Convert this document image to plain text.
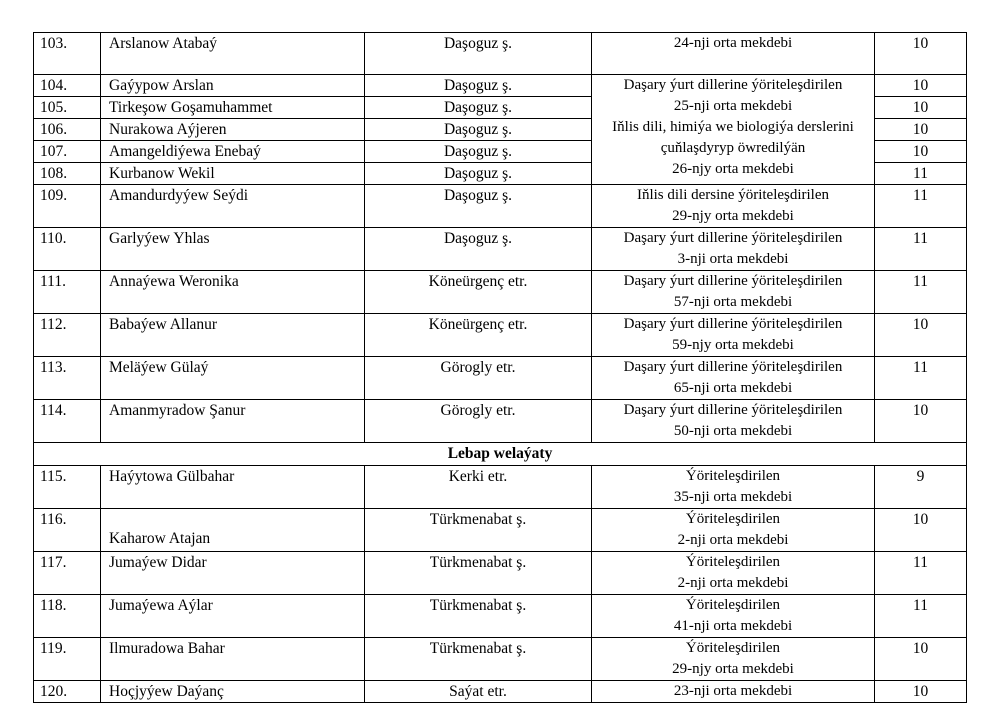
103.	Arslanow Atabaý	Daşoguz ş.	24-nji orta mekdebi	10
104.	Gaýypow Arslan	Daşoguz ş.	Daşary ýurt dillerine ýöriteleşdirilen
25-nji orta mekdebi
Iňlis dili, himiýa we biologiýa derslerini
çuňlaşdyryp öwredilýän
26-njy orta mekdebi	10
105.	Tirkeşow Goşamuhammet	Daşoguz ş.		10
106.	Nurakowa Aýjeren	Daşoguz ş.		10
107.	Amangeldiýewa Enebaý	Daşoguz ş.		10
108.	Kurbanow Wekil	Daşoguz ş.		11
109.	Amandurdyýew Seýdi	Daşoguz ş.	Iňlis dili dersine ýöriteleşdirilen
29-njy orta mekdebi	11
110.	Garlyýew Yhlas	Daşoguz ş.	Daşary ýurt dillerine ýöriteleşdirilen
3-nji orta mekdebi	11
111.	Annaýewa Weronika	Köneürgenç etr.	Daşary ýurt dillerine ýöriteleşdirilen
57-nji orta mekdebi	11
112.	Babaýew Allanur	Köneürgenç etr.	Daşary ýurt dillerine ýöriteleşdirilen
59-njy orta mekdebi	10
113.	Meläýew Gülaý	Görogly etr.	Daşary ýurt dillerine ýöriteleşdirilen
65-nji orta mekdebi	11
114.	Amanmyradow Şanur	Görogly etr.	Daşary ýurt dillerine ýöriteleşdirilen
50-nji orta mekdebi	10
Lebap welaýaty				
115.	Haýytowa Gülbahar	Kerki etr.	Ýöriteleşdirilen
35-nji orta mekdebi	9
116.	Kaharow Atajan	Türkmenabat ş.	Ýöriteleşdirilen
2-nji orta mekdebi	10
117.	Jumaýew Didar	Türkmenabat ş.	Ýöriteleşdirilen
2-nji orta mekdebi	11
118.	Jumaýewa Aýlar	Türkmenabat ş.	Ýöriteleşdirilen
41-nji orta mekdebi	11
119.	Ilmuradowa Bahar	Türkmenabat ş.	Ýöriteleşdirilen
29-njy orta mekdebi	10
120.	Hoçjyýew Daýanç	Saýat etr.	23-nji orta mekdebi	10
